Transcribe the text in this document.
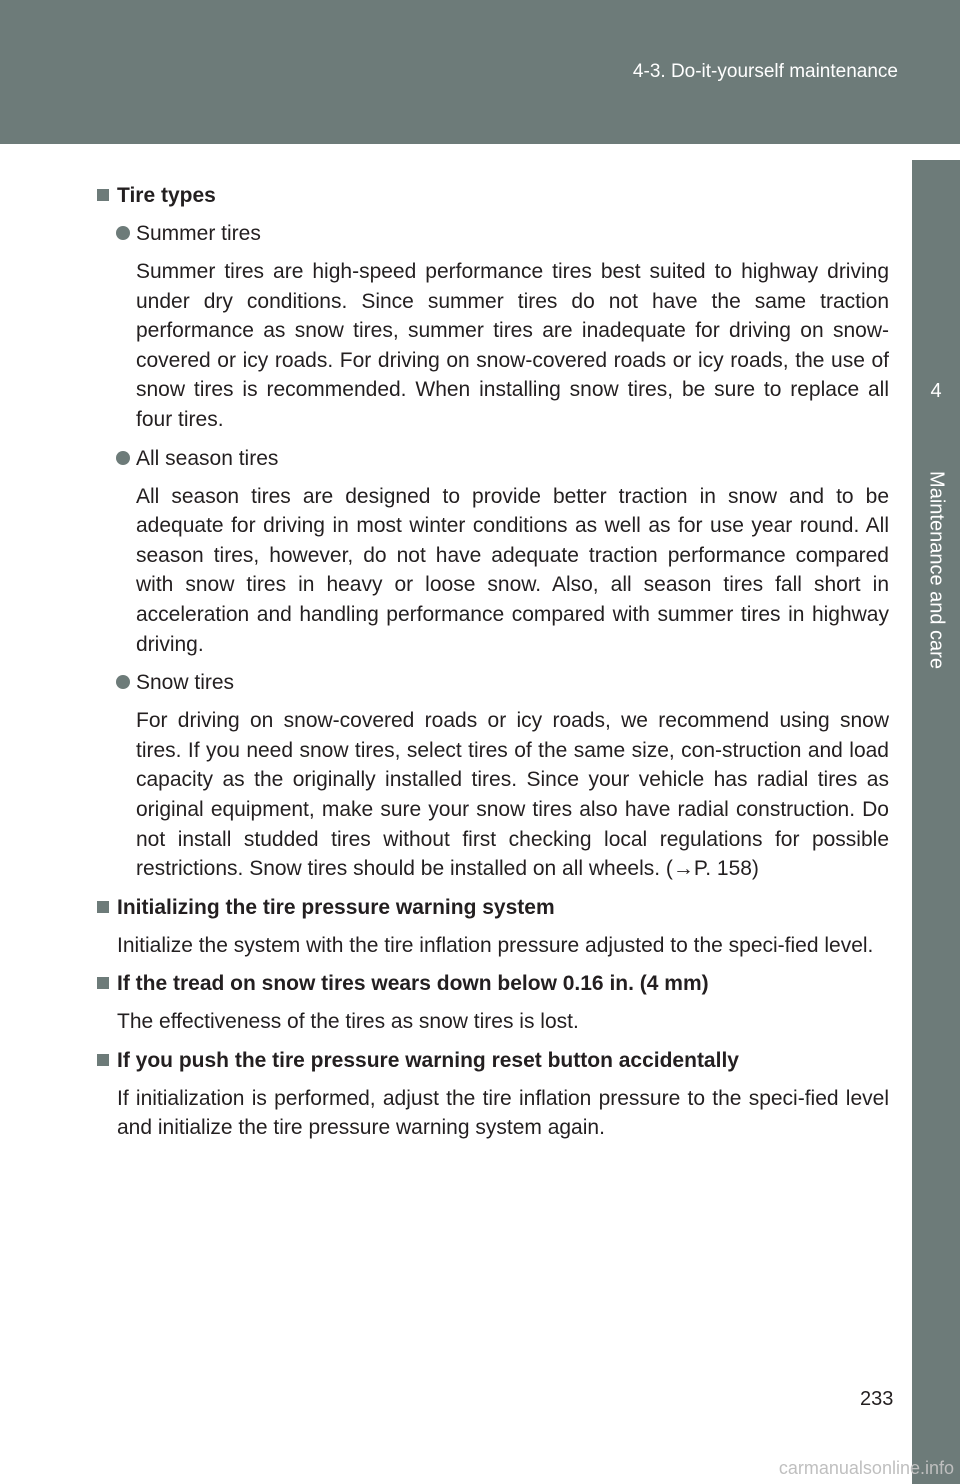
4-3. Do-it-yourself maintenance
4
Maintenance and care
Tire types
Summer tires

Summer tires are high-speed performance tires best suited to highway driving under dry conditions. Since summer tires do not have the same traction performance as snow tires, summer tires are inadequate for driving on snow-covered or icy roads. For driving on snow-covered roads or icy roads, the use of snow tires is recommended. When installing snow tires, be sure to replace all four tires.

All season tires

All season tires are designed to provide better traction in snow and to be adequate for driving in most winter conditions as well as for use year round. All season tires, however, do not have adequate traction performance compared with snow tires in heavy or loose snow. Also, all season tires fall short in acceleration and handling performance compared with summer tires in highway driving.

Snow tires

For driving on snow-covered roads or icy roads, we recommend using snow tires. If you need snow tires, select tires of the same size, con-struction and load capacity as the originally installed tires. Since your vehicle has radial tires as original equipment, make sure your snow tires also have radial construction. Do not install studded tires without first checking local regulations for possible restrictions. Snow tires should be installed on all wheels. (→P. 158)

Initializing the tire pressure warning system

Initialize the system with the tire inflation pressure adjusted to the speci-fied level.

If the tread on snow tires wears down below 0.16 in. (4 mm)

The effectiveness of the tires as snow tires is lost.

If you push the tire pressure warning reset button accidentally

If initialization is performed, adjust the tire inflation pressure to the speci-fied level and initialize the tire pressure warning system again.

233
carmanualsonline.info
